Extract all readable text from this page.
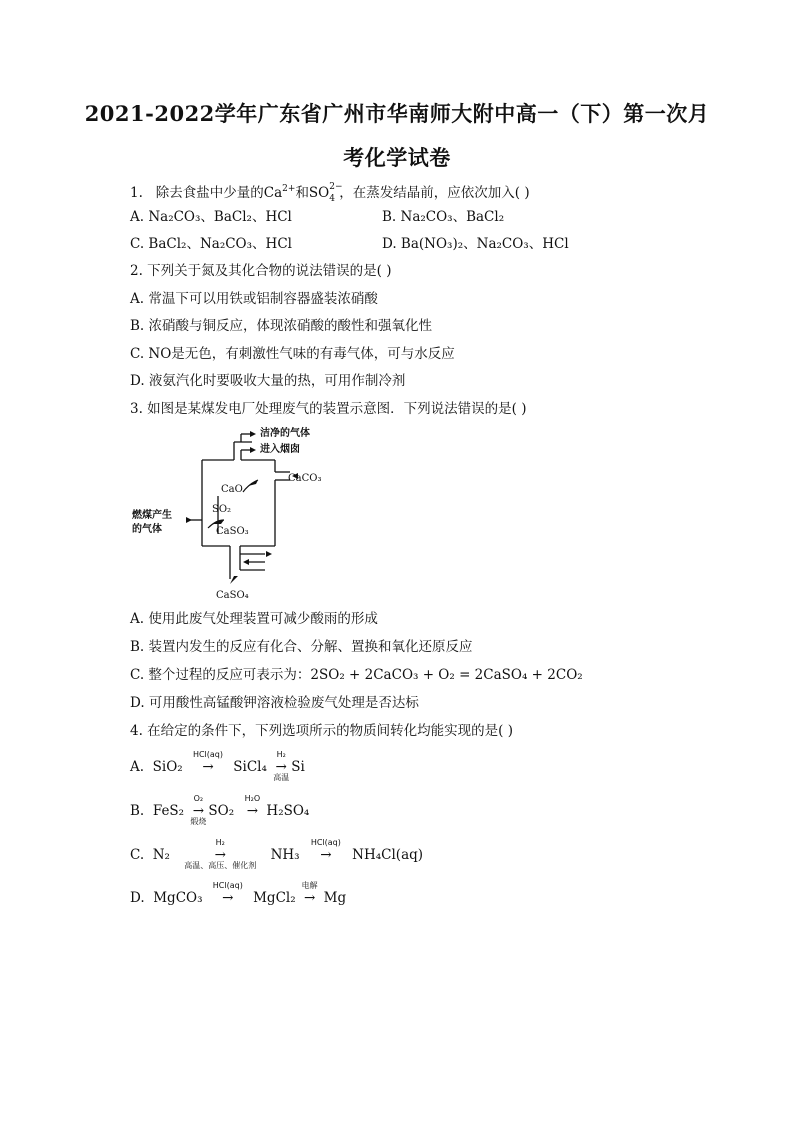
2021-2022学年广东省广州市华南师大附中高一（下）第一次月
考化学试卷
1. 除去食盐中少量的$Ca^{2+}$和SO 2−
4 ，在蒸发结晶前，应依次加入( )
A. Na₂CO₃、BaCl₂、HCl	B. Na₂CO₃、BaCl₂
C. BaCl₂、Na₂CO₃、HCl	D. Ba(NO₃)₂、Na₂CO₃、HCl
2. 下列关于氮及其化合物的说法错误的是( )
A. 常温下可以用铁或铝制容器盛装浓硝酸
B. 浓硝酸与铜反应，体现浓硝酸的酸性和强氧化性
C. NO是无色，有刺激性气味的有毒气体，可与水反应
D. 液氨汽化时要吸收大量的热，可用作制冷剂
3. 如图是某煤发电厂处理废气的装置示意图．下列说法错误的是( )
洁净的气体
进入烟囱
燃煤产生
的气体
CaCO₃
CaO
SO₂
CaSO₃
CaSO₄
A. 使用此废气处理装置可减少酸雨的形成
B. 装置内发生的反应有化合、分解、置换和氧化还原反应
C. 整个过程的反应可表示为：2SO₂ + 2CaCO₃ + O₂ = 2CaSO₄ + 2CO₂
D. 可用酸性高锰酸钾溶液检验废气处理是否达标
4. 在给定的条件下，下列选项所示的物质间转化均能实现的是( )
A. SiO₂
HCl(aq)
→ SiCl₄
H₂
→
高温
Si
B. FeS₂
O₂
→
煅烧
SO₂
H₂O
→ H₂SO₄
C. N₂
H₂
→
高温、高压、催化剂
NH₃
HCl(aq)
→ NH₄Cl(aq)
D. MgCO₃
HCl(aq)
→ MgCl₂
电解
→ Mg
